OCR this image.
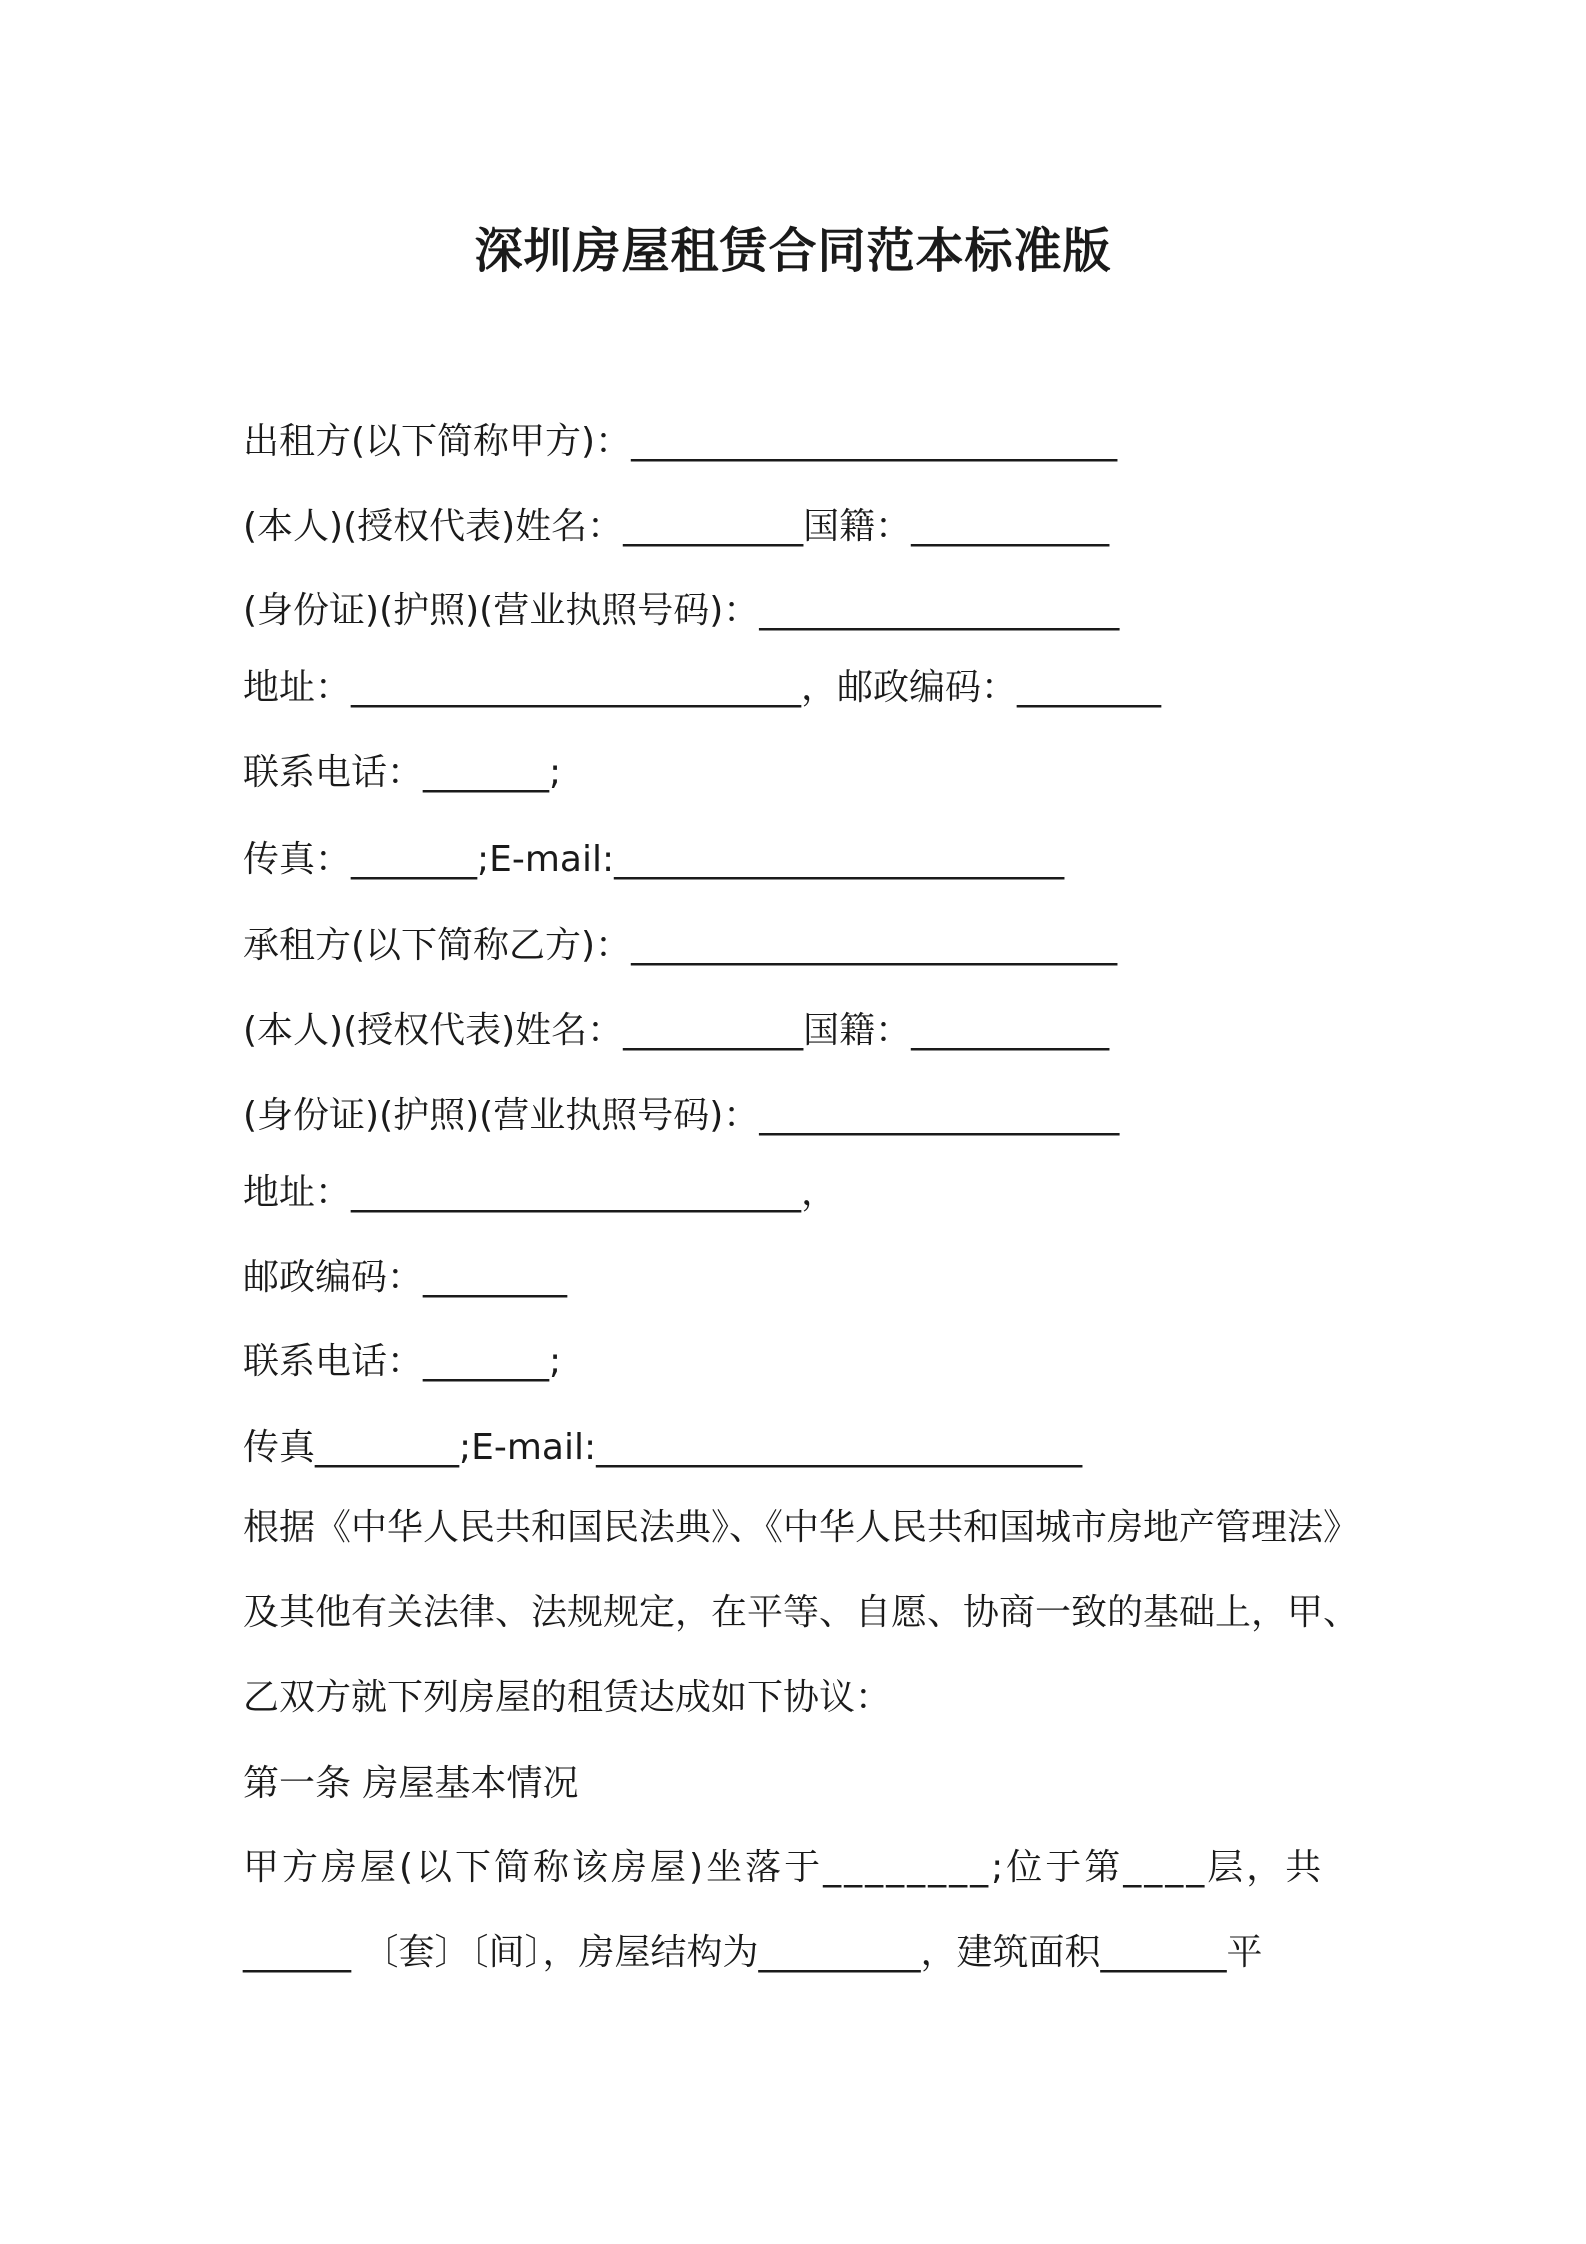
深圳房屋租赁合同范本标准版
出租方(以下简称甲方)：___________________________
(本人)(授权代表)姓名：__________国籍：___________
(身份证)(护照)(营业执照号码)：____________________
地址：_________________________，邮政编码：________
联系电话：_______;
传真：_______;E-mail:_________________________
承租方(以下简称乙方)：___________________________
(本人)(授权代表)姓名：__________国籍：___________
(身份证)(护照)(营业执照号码)：____________________
地址：_________________________，
邮政编码：________
联系电话：_______;
传真________;E-mail:___________________________
根据《中华人民共和国民法典》、《中华人民共和国城市房地产管理法》
及其他有关法律、法规规定，在平等、自愿、协商一致的基础上，甲、
乙双方就下列房屋的租赁达成如下协议：
第一条 房屋基本情况
甲方房屋(以下简称该房屋)坐落于________;位于第____层，共
______ 〔套〕〔间〕，房屋结构为_________，建筑面积_______平
